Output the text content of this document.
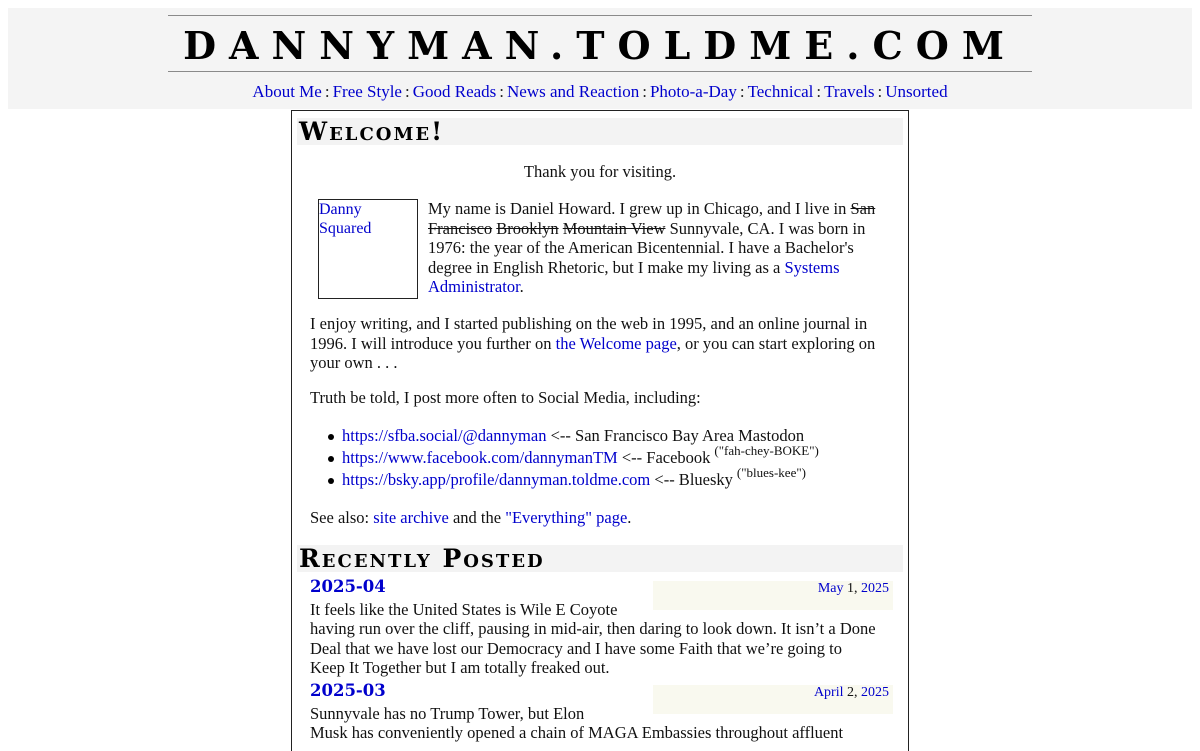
DANNYMAN.TOLDME.COM
About Me : Free Style : Good Reads : News and Reaction : Photo-a-Day : Technical : Travels : Unsorted
Welcome!
Thank you for visiting.
Danny Squared
My name is Daniel Howard. I grew up in Chicago, and I live in San Francisco Brooklyn Mountain View Sunnyvale, CA. I was born in 1976: the year of the American Bicentennial. I have a Bachelor's degree in English Rhetoric, but I make my living as a Systems Administrator.
I enjoy writing, and I started publishing on the web in 1995, and an online journal in 1996. I will introduce you further on the Welcome page, or you can start exploring on your own . . .
Truth be told, I post more often to Social Media, including:
https://sfba.social/@dannyman <-- San Francisco Bay Area Mastodon
https://www.facebook.com/dannymanTM <-- Facebook $^{("fah-chey-BOKE")}$
https://bsky.app/profile/dannyman.toldme.com <-- Bluesky $^{("blues-kee")}$
See also: site archive and the "Everything" page.
Recently Posted
2025-04	May 1, 2025
It feels like the United States is Wile E Coyote
having run over the cliff, pausing in mid-air, then daring to look down. It isn’t a Done Deal that we have lost our Democracy and I have some Faith that we’re going to Keep It Together but I am totally freaked out.
2025-03	April 2, 2025
Sunnyvale has no Trump Tower, but Elon
Musk has conveniently opened a chain of MAGA Embassies throughout affluent
